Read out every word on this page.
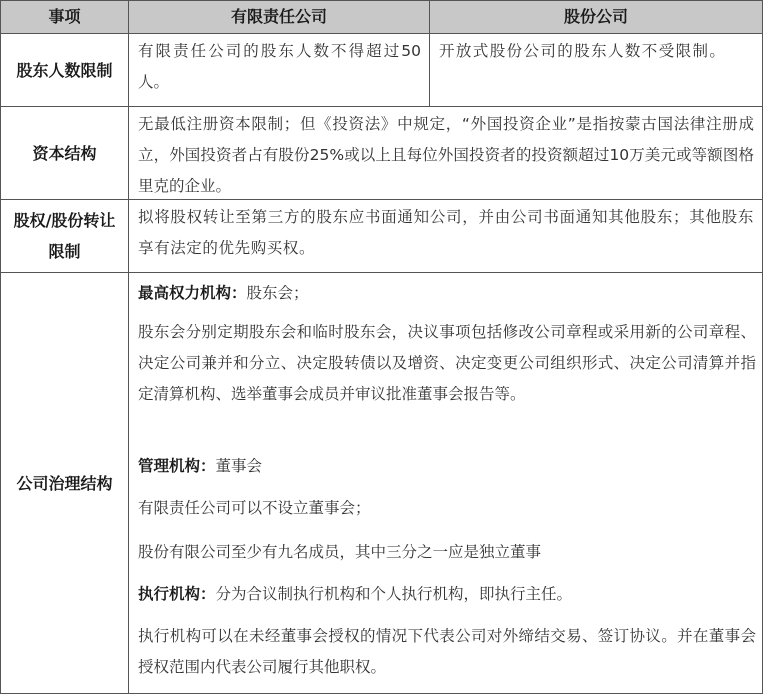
事项	有限责任公司	股份公司
股东人数限制

有限责任公司的股东人数不得超过50人。

开放式股份公司的股东人数不受限制。

资本结构

无最低注册资本限制；但《投资法》中规定，“外国投资企业”是指按蒙古国法律注册成立，外国投资者占有股份25%或以上且每位外国投资者的投资额超过10万美元或等额图格里克的企业。

股权/股份转让限制

拟将股权转让至第三方的股东应书面通知公司，并由公司书面通知其他股东；其他股东享有法定的优先购买权。

公司治理结构

最高权力机构：股东会；

股东会分别定期股东会和临时股东会，决议事项包括修改公司章程或采用新的公司章程、决定公司兼并和分立、决定股转债以及增资、决定变更公司组织形式、决定公司清算并指定清算机构、选举董事会成员并审议批准董事会报告等。

管理机构：董事会

有限责任公司可以不设立董事会；

股份有限公司至少有九名成员，其中三分之一应是独立董事

执行机构：分为合议制执行机构和个人执行机构，即执行主任。

执行机构可以在未经董事会授权的情况下代表公司对外缔结交易、签订协议。并在董事会授权范围内代表公司履行其他职权。
